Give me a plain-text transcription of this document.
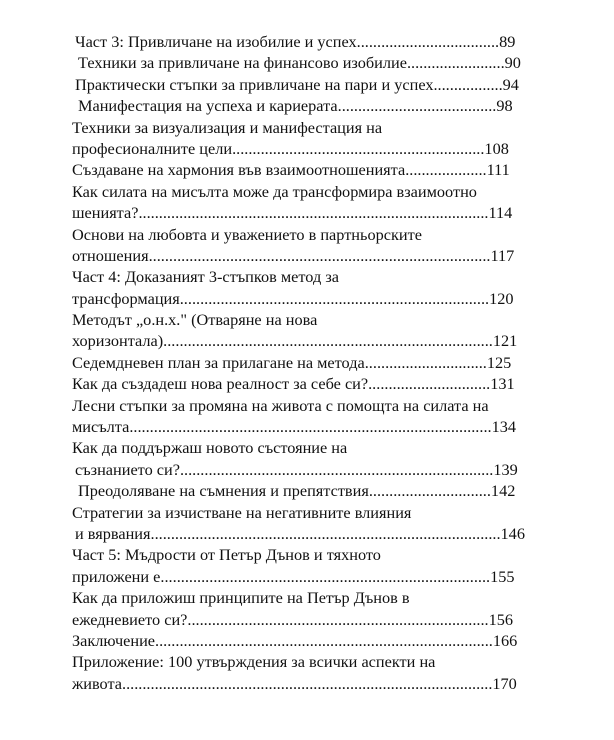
Част 3: Привличане на изобилие и успех...................................89
Техники за привличане на финансово изобилие........................90
Практически стъпки за привличане на пари и успех.................94
Манифестация на успеха и кариерата.......................................98
Техники за визуализация и манифестация на
професионалните цели..............................................................108
Създаване на хармония във взаимоотношенията....................111
Как силата на мисълта може да трансформира взаимоотно
шенията?......................................................................................114
Основи на любовта и уважението в партньорските
отношения....................................................................................117
Част 4: Доказаният 3-стъпков метод за
трансформация............................................................................120
Методът „о.н.х." (Отваряне на нова
хоризонтала).................................................................................121
Седемдневен план за прилагане на метода..............................125
Как да създадеш нова реалност за себе си?..............................131
Лесни стъпки за промяна на живота с помощта на силата на
мисълта.........................................................................................134
Как да поддържаш новото състояние на
съзнанието си?.............................................................................139
Преодоляване на съмнения и препятствия..............................142
Стратегии за изчистване на негативните влияния
и вярвания......................................................................................146
Част 5: Мъдрости от Петър Дънов и тяхното
приложени е.................................................................................155
Как да приложиш принципите на Петър Дънов в
ежедневието си?..........................................................................156
Заключение...................................................................................166
Приложение: 100 утвърждения за всички аспекти на
живота...........................................................................................170
